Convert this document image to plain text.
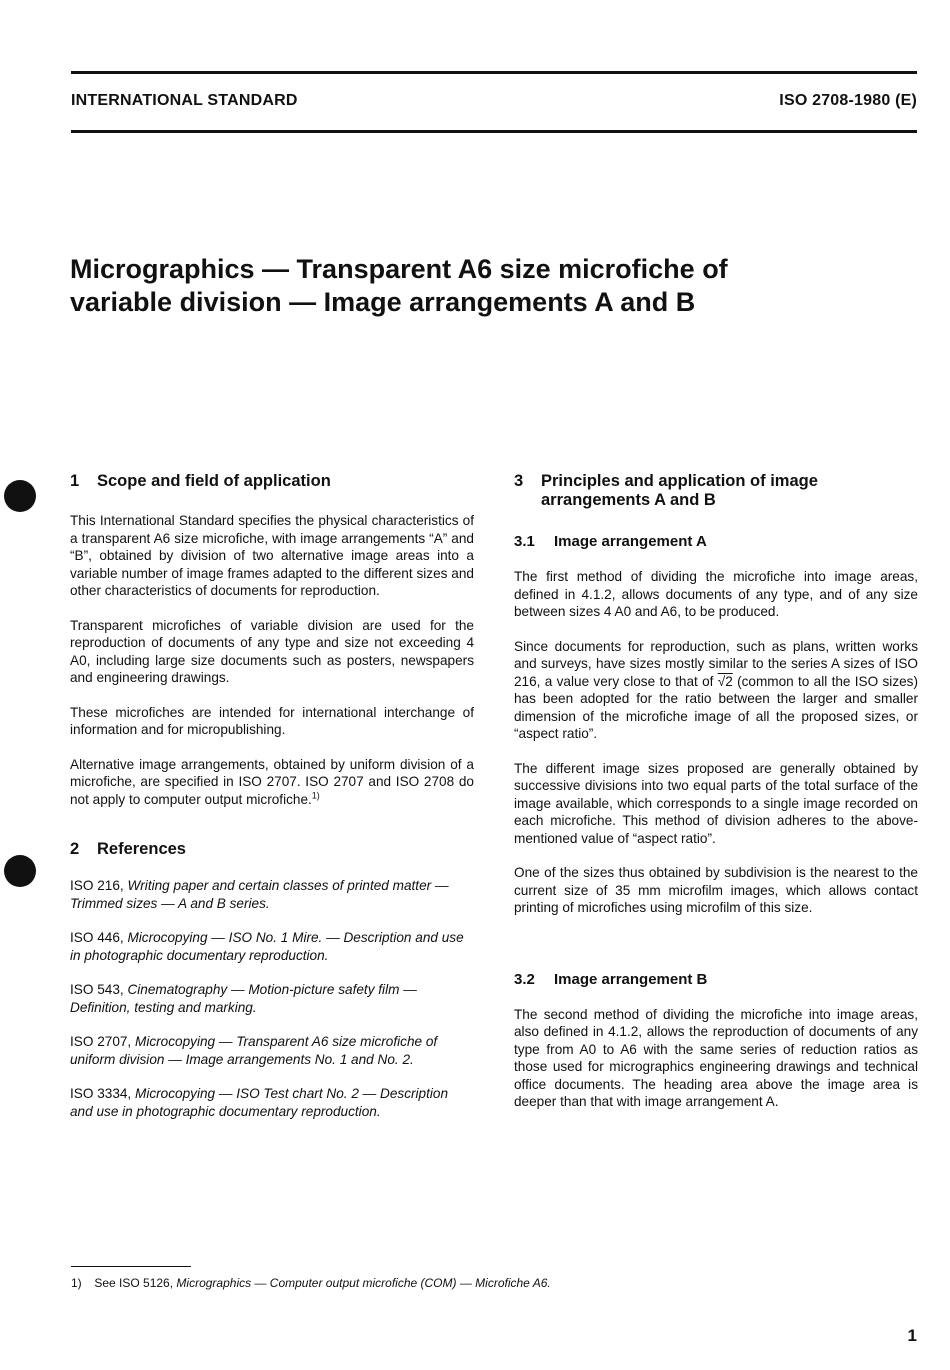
INTERNATIONAL STANDARD	ISO 2708-1980 (E)
Micrographics — Transparent A6 size microfiche of
variable division — Image arrangements A and B
1	Scope and field of application

This International Standard specifies the physical characteristics of a transparent A6 size microfiche, with image arrangements “A” and “B”, obtained by division of two alternative image areas into a variable number of image frames adapted to the different sizes and other characteristics of documents for reproduction.

Transparent microfiches of variable division are used for the reproduction of documents of any type and size not exceeding 4 A0, including large size documents such as posters, newspapers and engineering drawings.

These microfiches are intended for international interchange of information and for micropublishing.

Alternative image arrangements, obtained by uniform division of a microfiche, are specified in ISO 2707. ISO 2707 and ISO 2708 do not apply to computer output microfiche.$^{1)}$

2	References

ISO 216, Writing paper and certain classes of printed matter — Trimmed sizes — A and B series.

ISO 446, Microcopying — ISO No. 1 Mire. — Description and use in photographic documentary reproduction.

ISO 543, Cinematography — Motion-picture safety film — Definition, testing and marking.

ISO 2707, Microcopying — Transparent A6 size microfiche of uniform division — Image arrangements No. 1 and No. 2.

ISO 3334, Microcopying — ISO Test chart No. 2 — Description and use in photographic documentary reproduction.

3	Principles and application of image
arrangements A and B
3.1	Image arrangement A

The first method of dividing the microfiche into image areas, defined in 4.1.2, allows documents of any type, and of any size between sizes 4 A0 and A6, to be produced.

Since documents for reproduction, such as plans, written works and surveys, have sizes mostly similar to the series A sizes of ISO 216, a value very close to that of √2 (common to all the ISO sizes) has been adopted for the ratio between the larger and smaller dimension of the microfiche image of all the proposed sizes, or “aspect ratio”.

The different image sizes proposed are generally obtained by successive divisions into two equal parts of the total surface of the image available, which corresponds to a single image recorded on each microfiche. This method of division adheres to the above-mentioned value of “aspect ratio”.

One of the sizes thus obtained by subdivision is the nearest to the current size of 35 mm microfilm images, which allows contact printing of microfiches using microfilm of this size.

3.2	Image arrangement B

The second method of dividing the microfiche into image areas, also defined in 4.1.2, allows the reproduction of documents of any type from A0 to A6 with the same series of reduction ratios as those used for micrographics engineering drawings and technical office documents. The heading area above the image area is deeper than that with image arrangement A.

1) See ISO 5126, Micrographics — Computer output microfiche (COM) — Microfiche A6.
1
